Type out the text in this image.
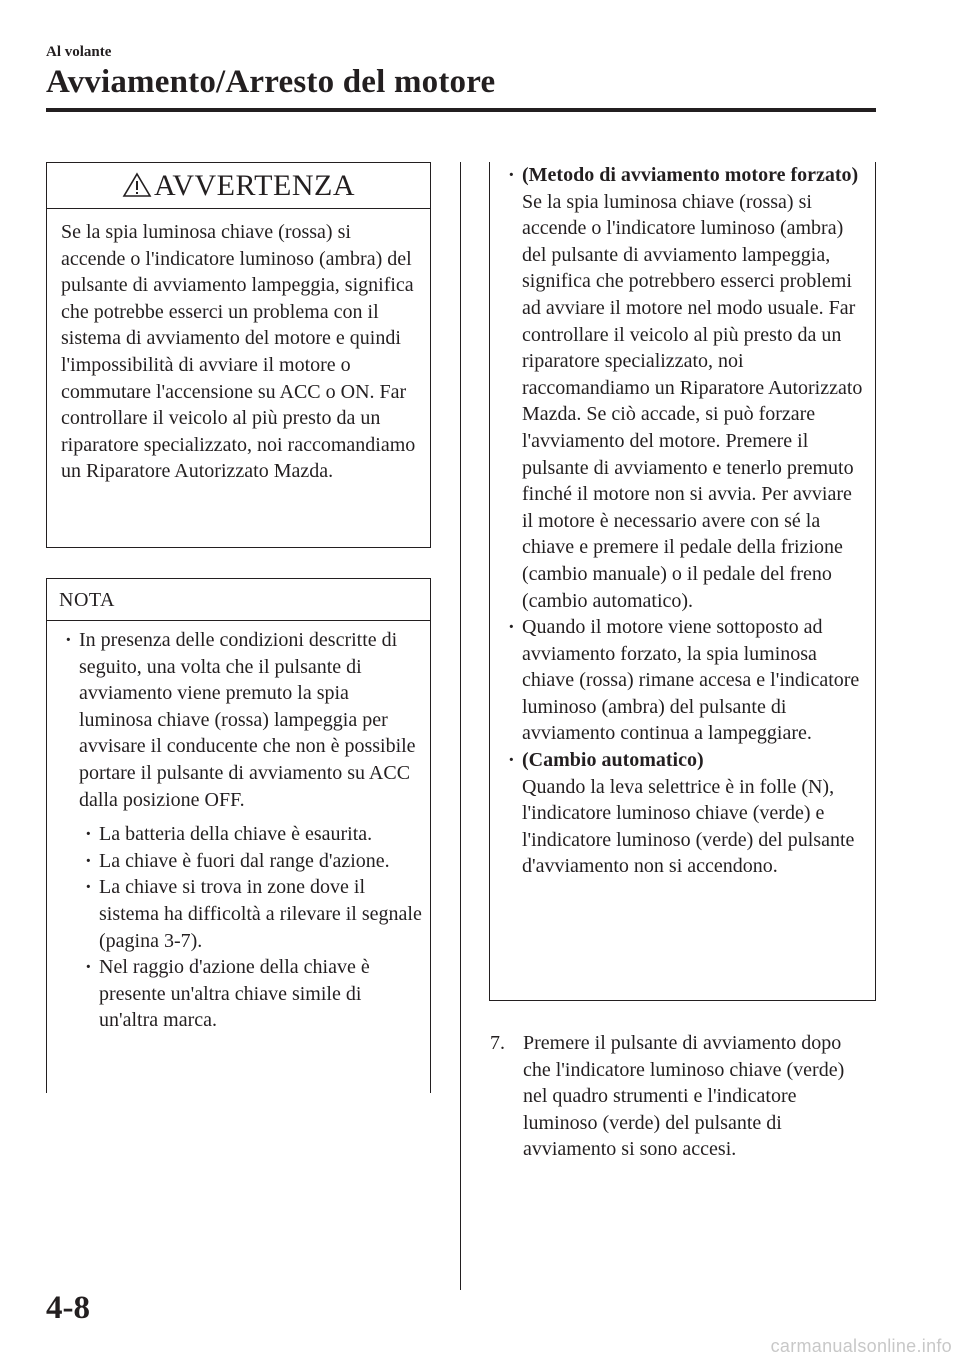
Al volante
Avviamento/Arresto del motore
AVVERTENZA
Se la spia luminosa chiave (rossa) si accende o l'indicatore luminoso (ambra) del pulsante di avviamento lampeggia, significa che potrebbe esserci un problema con il sistema di avviamento del motore e quindi l'impossibilità di avviare il motore o commutare l'accensione su ACC o ON. Far controllare il veicolo al più presto da un riparatore specializzato, noi raccomandiamo un Riparatore Autorizzato Mazda.
NOTA
· In presenza delle condizioni descritte di seguito, una volta che il pulsante di avviamento viene premuto la spia luminosa chiave (rossa) lampeggia per avvisare il conducente che non è possibile portare il pulsante di avviamento su ACC dalla posizione OFF.
· La batteria della chiave è esaurita.
· La chiave è fuori dal range d'azione.
· La chiave si trova in zone dove il sistema ha difficoltà a rilevare il segnale (pagina 3-7).
· Nel raggio d'azione della chiave è presente un'altra chiave simile di un'altra marca.
· (Metodo di avviamento motore forzato)
Se la spia luminosa chiave (rossa) si accende o l'indicatore luminoso (ambra) del pulsante di avviamento lampeggia, significa che potrebbero esserci problemi ad avviare il motore nel modo usuale. Far controllare il veicolo al più presto da un riparatore specializzato, noi raccomandiamo un Riparatore Autorizzato Mazda. Se ciò accade, si può forzare l'avviamento del motore. Premere il pulsante di avviamento e tenerlo premuto finché il motore non si avvia. Per avviare il motore è necessario avere con sé la chiave e premere il pedale della frizione (cambio manuale) o il pedale del freno (cambio automatico).
· Quando il motore viene sottoposto ad avviamento forzato, la spia luminosa chiave (rossa) rimane accesa e l'indicatore luminoso (ambra) del pulsante di avviamento continua a lampeggiare.
· (Cambio automatico)
Quando la leva selettrice è in folle (N), l'indicatore luminoso chiave (verde) e l'indicatore luminoso (verde) del pulsante d'avviamento non si accendono.
7. Premere il pulsante di avviamento dopo che l'indicatore luminoso chiave (verde) nel quadro strumenti e l'indicatore luminoso (verde) del pulsante di avviamento si sono accesi.
4-8
carmanualsonline.info
